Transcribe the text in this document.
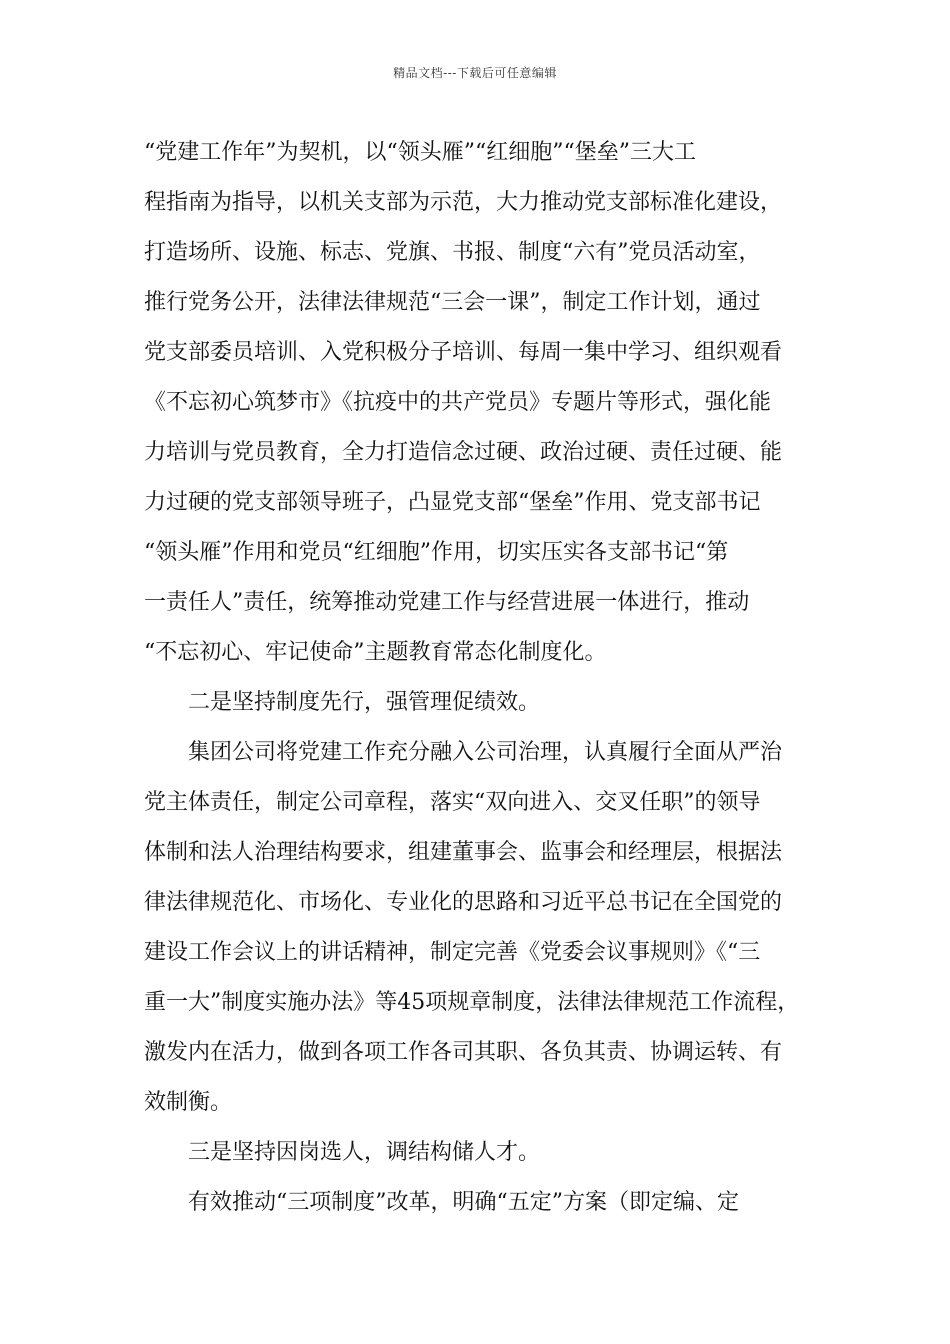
精品文档---下载后可任意编辑
“党建工作年”为契机，以“领头雁”“红细胞”“堡垒”三大工
程指南为指导，以机关支部为示范，大力推动党支部标准化建设，
打造场所、设施、标志、党旗、书报、制度“六有”党员活动室，
推行党务公开，法律法律规范“三会一课”，制定工作计划，通过
党支部委员培训、入党积极分子培训、每周一集中学习、组织观看
《不忘初心筑梦市》《抗疫中的共产党员》专题片等形式，强化能
力培训与党员教育，全力打造信念过硬、政治过硬、责任过硬、能
力过硬的党支部领导班子，凸显党支部“堡垒”作用、党支部书记
“领头雁”作用和党员“红细胞”作用，切实压实各支部书记“第
一责任人”责任，统筹推动党建工作与经营进展一体进行，推动
“不忘初心、牢记使命”主题教育常态化制度化。
二是坚持制度先行，强管理促绩效。
集团公司将党建工作充分融入公司治理，认真履行全面从严治
党主体责任，制定公司章程，落实“双向进入、交叉任职”的领导
体制和法人治理结构要求，组建董事会、监事会和经理层，根据法
律法律规范化、市场化、专业化的思路和习近平总书记在全国党的
建设工作会议上的讲话精神，制定完善《党委会议事规则》《“三
重一大”制度实施办法》等45项规章制度，法律法律规范工作流程，
激发内在活力，做到各项工作各司其职、各负其责、协调运转、有
效制衡。
三是坚持因岗选人，调结构储人才。
有效推动“三项制度”改革，明确“五定”方案（即定编、定
